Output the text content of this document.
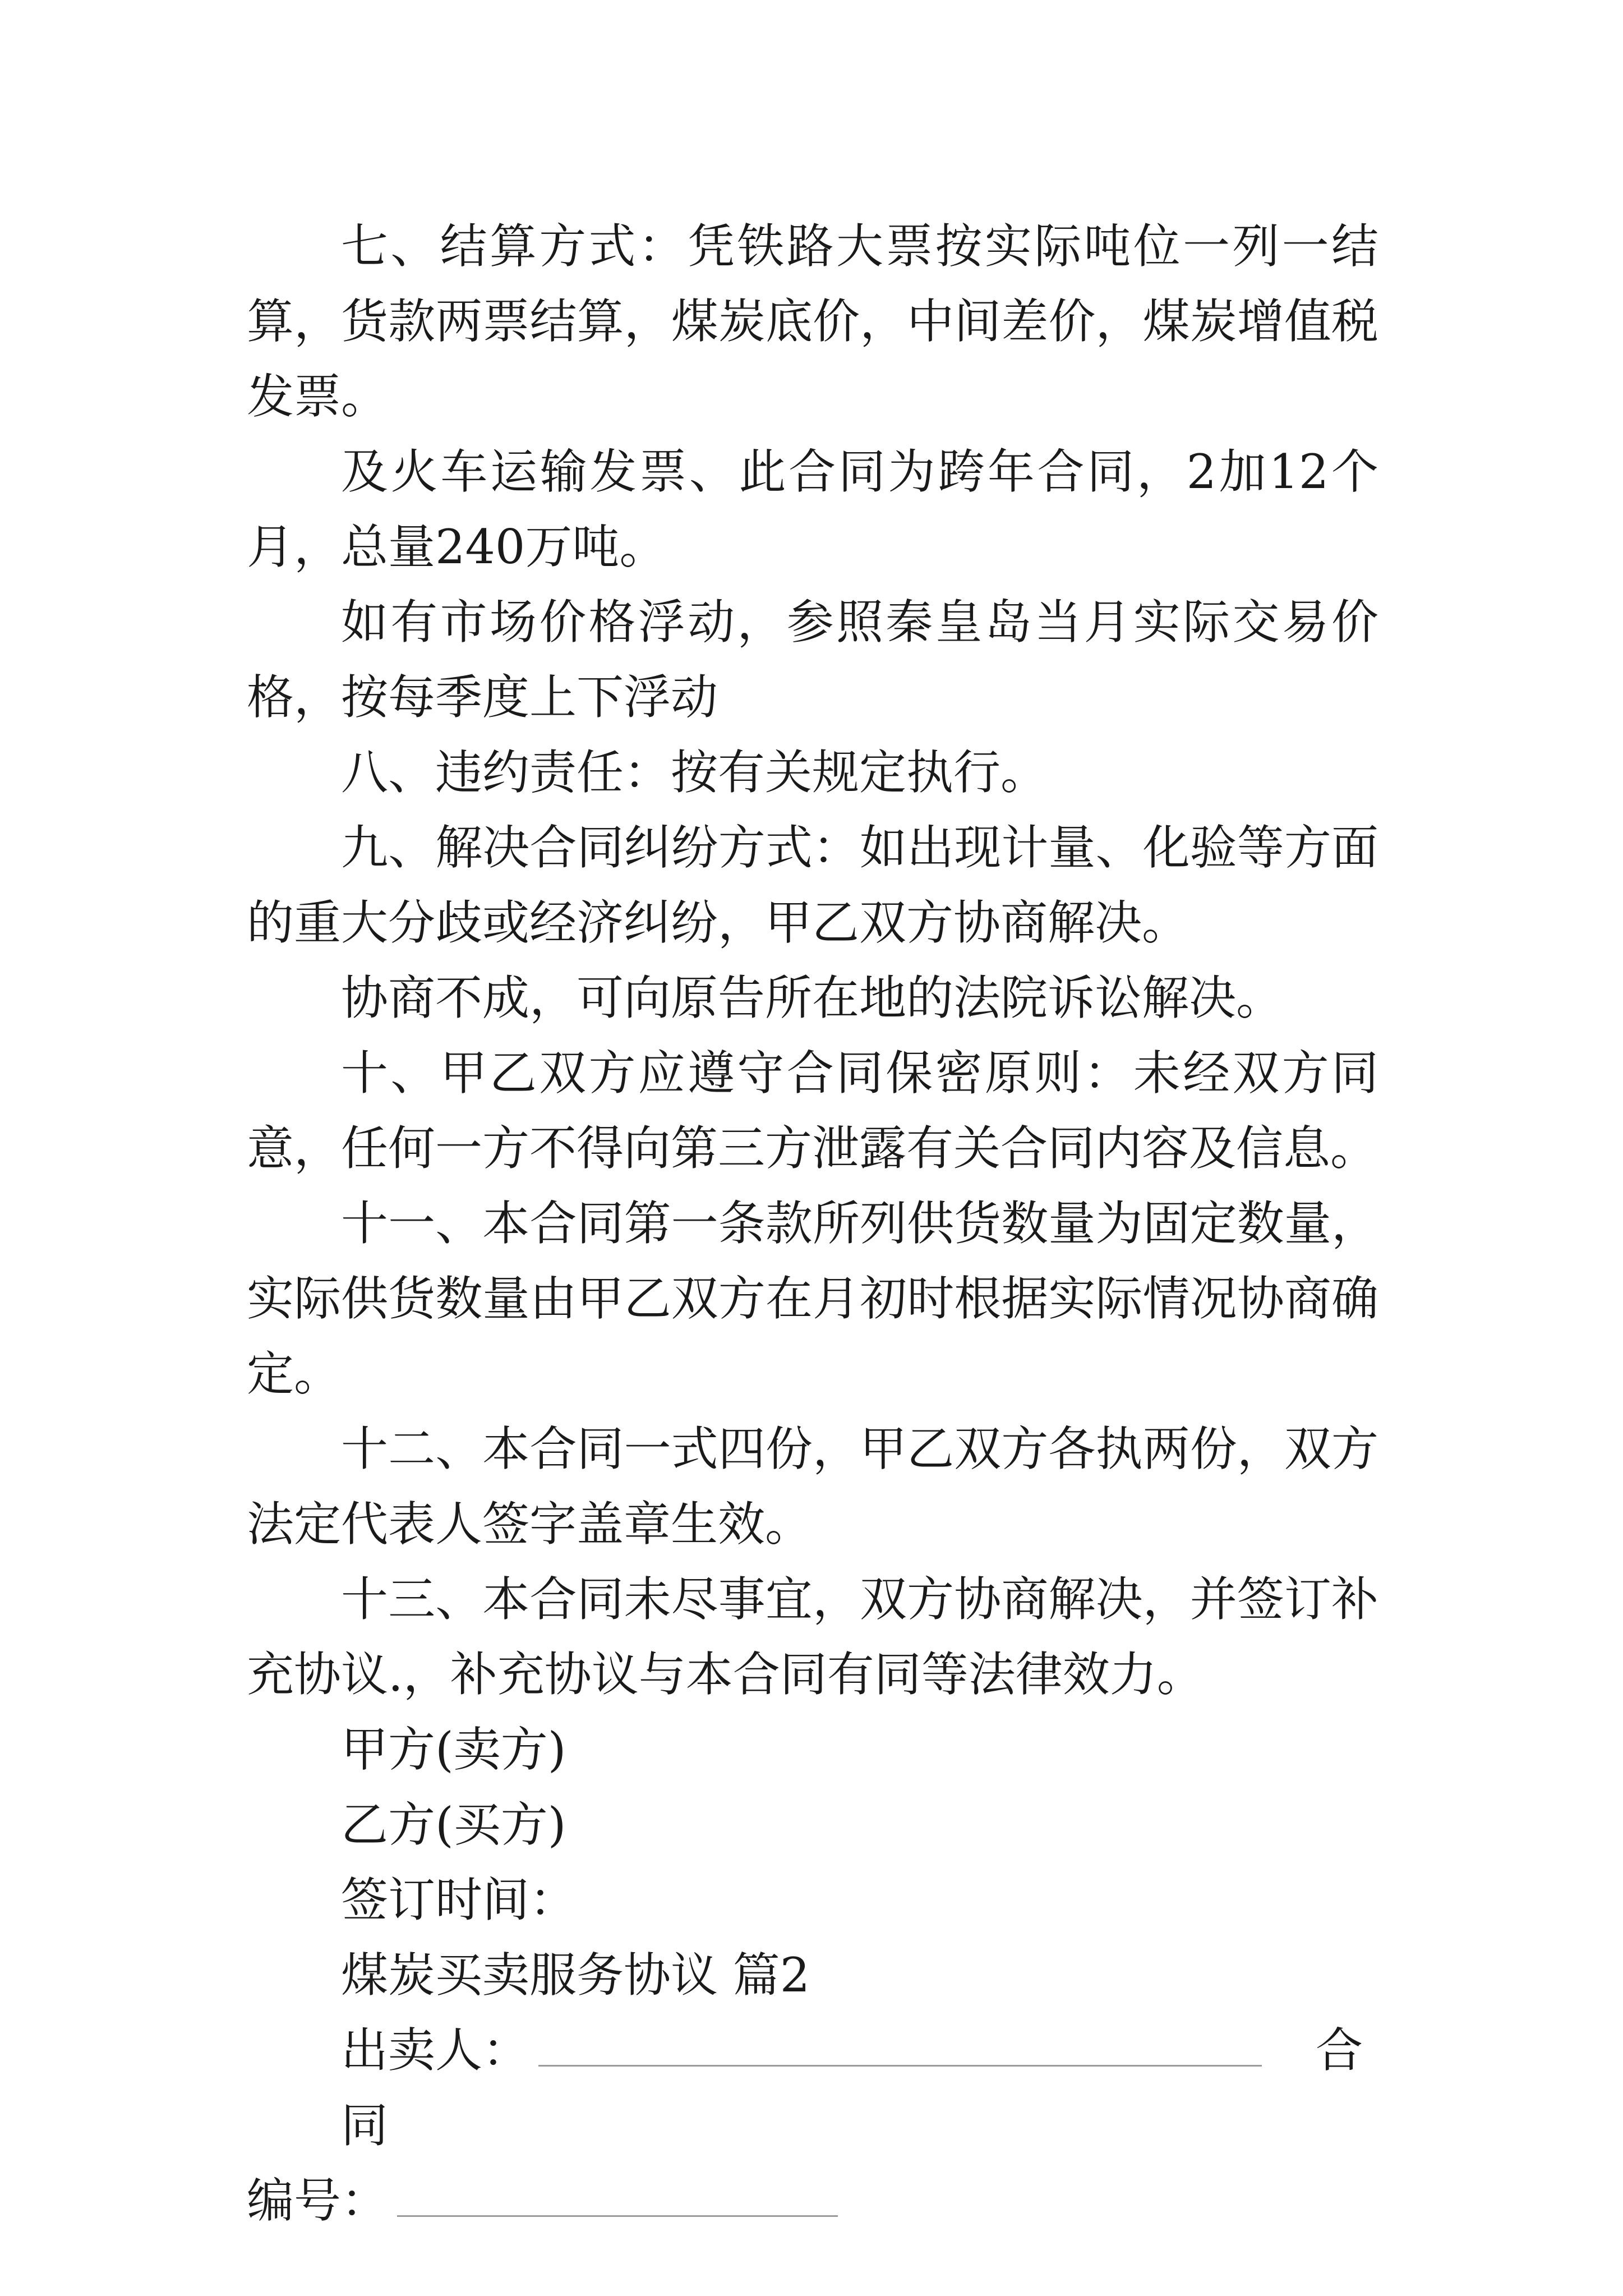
七、结算方式：凭铁路大票按实际吨位一列一结算，货款两票结算，煤炭底价，中间差价，煤炭增值税发票。

及火车运输发票、此合同为跨年合同，2加12个月，总量240万吨。

如有市场价格浮动，参照秦皇岛当月实际交易价格，按每季度上下浮动

八、违约责任：按有关规定执行。

九、解决合同纠纷方式：如出现计量、化验等方面的重大分歧或经济纠纷，甲乙双方协商解决。

协商不成，可向原告所在地的法院诉讼解决。

十、甲乙双方应遵守合同保密原则：未经双方同意，任何一方不得向第三方泄露有关合同内容及信息。

十一、本合同第一条款所列供货数量为固定数量，实际供货数量由甲乙双方在月初时根据实际情况协商确定。

十二、本合同一式四份，甲乙双方各执两份，双方法定代表人签字盖章生效。

十三、本合同未尽事宜，双方协商解决，并签订补充协议.，补充协议与本合同有同等法律效力。

甲方(卖方)

乙方(买方)

签订时间：

煤炭买卖服务协议 篇2

出卖人：	合同

编号：
